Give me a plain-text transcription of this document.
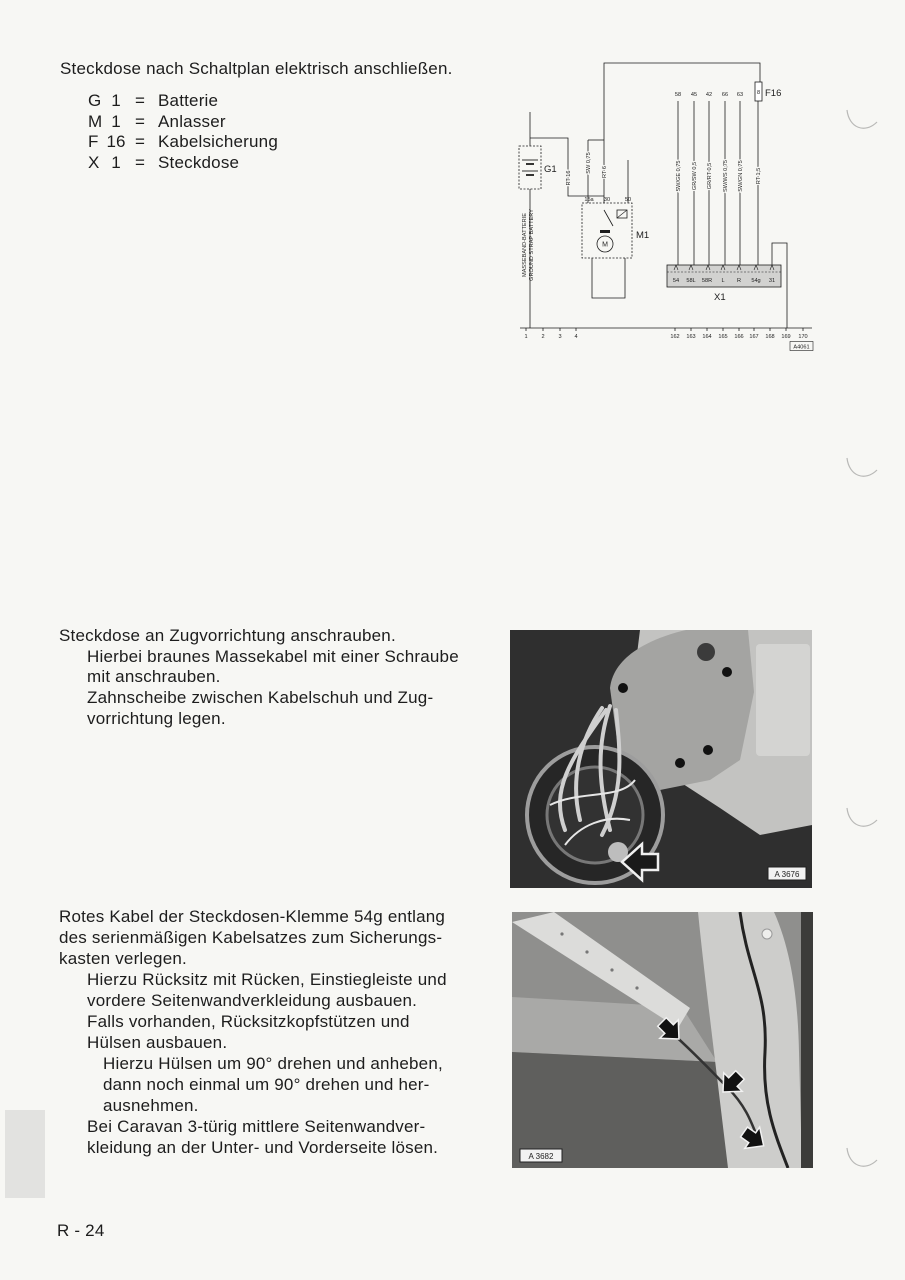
Steckdose nach Schaltplan elektrisch anschließen.
G 1 = Batterie
M 1 = Anlasser
F 16 = Kabelsicherung
X 1 = Steckdose
8 F16
G1
MASSEBAND-BATTERIE GROUND STRAP BATTERY
RT 16
SW 0,75 RT 6
M
15a 30	50
M1
58 45 42 66 63
SW/GE 0,75 GR/SW 0,5 GR/RT 0,5 SW/WS 0,75 SW/GN 0,75 RT 1,5
54 58L 58R L R 54g 31
X1
1 2 3 4	162 163 164 165 166 167 168 169 170
A4061
Steckdose an Zugvorrichtung anschrauben.
Hierbei braunes Massekabel mit einer Schraube
mit anschrauben.
Zahnscheibe zwischen Kabelschuh und Zug-
vorrichtung legen.
A 3676
Rotes Kabel der Steckdosen-Klemme 54g entlang
des serienmäßigen Kabelsatzes zum Sicherungs-
kasten verlegen.
Hierzu Rücksitz mit Rücken, Einstiegleiste und
vordere Seitenwandverkleidung ausbauen.
Falls vorhanden, Rücksitzkopfstützen und
Hülsen ausbauen.
Hierzu Hülsen um 90° drehen und anheben,
dann noch einmal um 90° drehen und her-
ausnehmen.
Bei Caravan 3-türig mittlere Seitenwandver-
kleidung an der Unter- und Vorderseite lösen.	A 3682
R - 24
